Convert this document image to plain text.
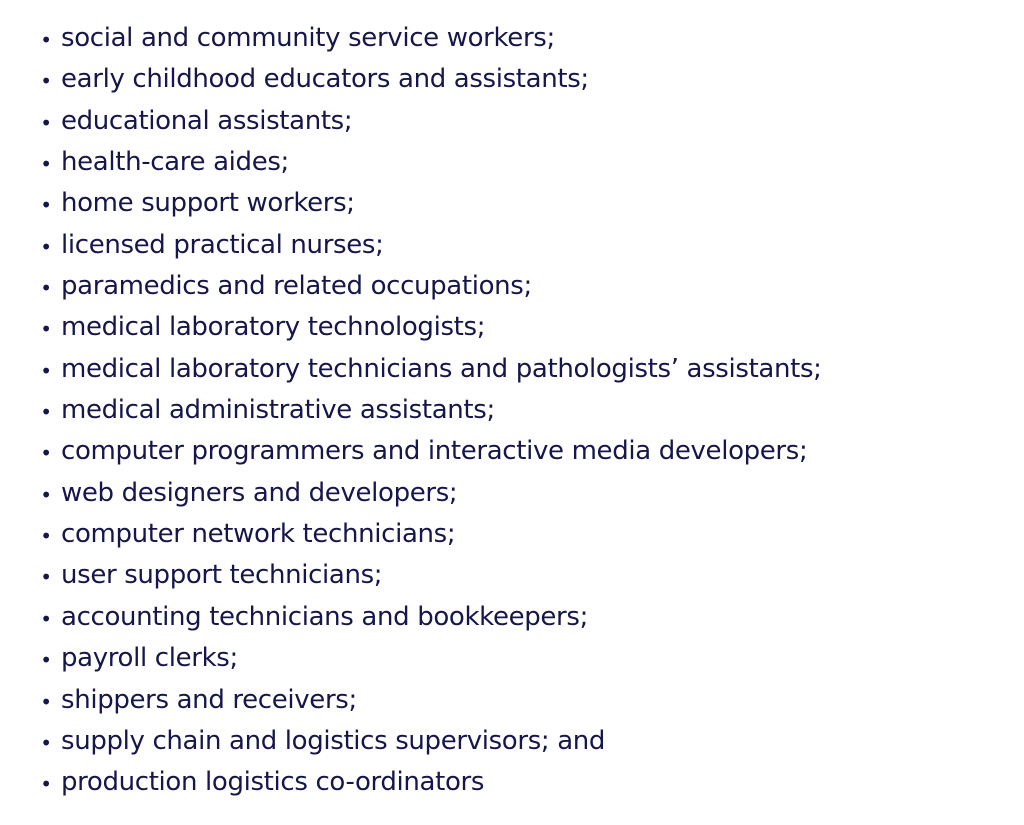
• social and community service workers;
• early childhood educators and assistants;
• educational assistants;
• health-care aides;
• home support workers;
• licensed practical nurses;
• paramedics and related occupations;
• medical laboratory technologists;
• medical laboratory technicians and pathologists’ assistants;
• medical administrative assistants;
• computer programmers and interactive media developers;
• web designers and developers;
• computer network technicians;
• user support technicians;
• accounting technicians and bookkeepers;
• payroll clerks;
• shippers and receivers;
• supply chain and logistics supervisors; and
• production logistics co-ordinators
